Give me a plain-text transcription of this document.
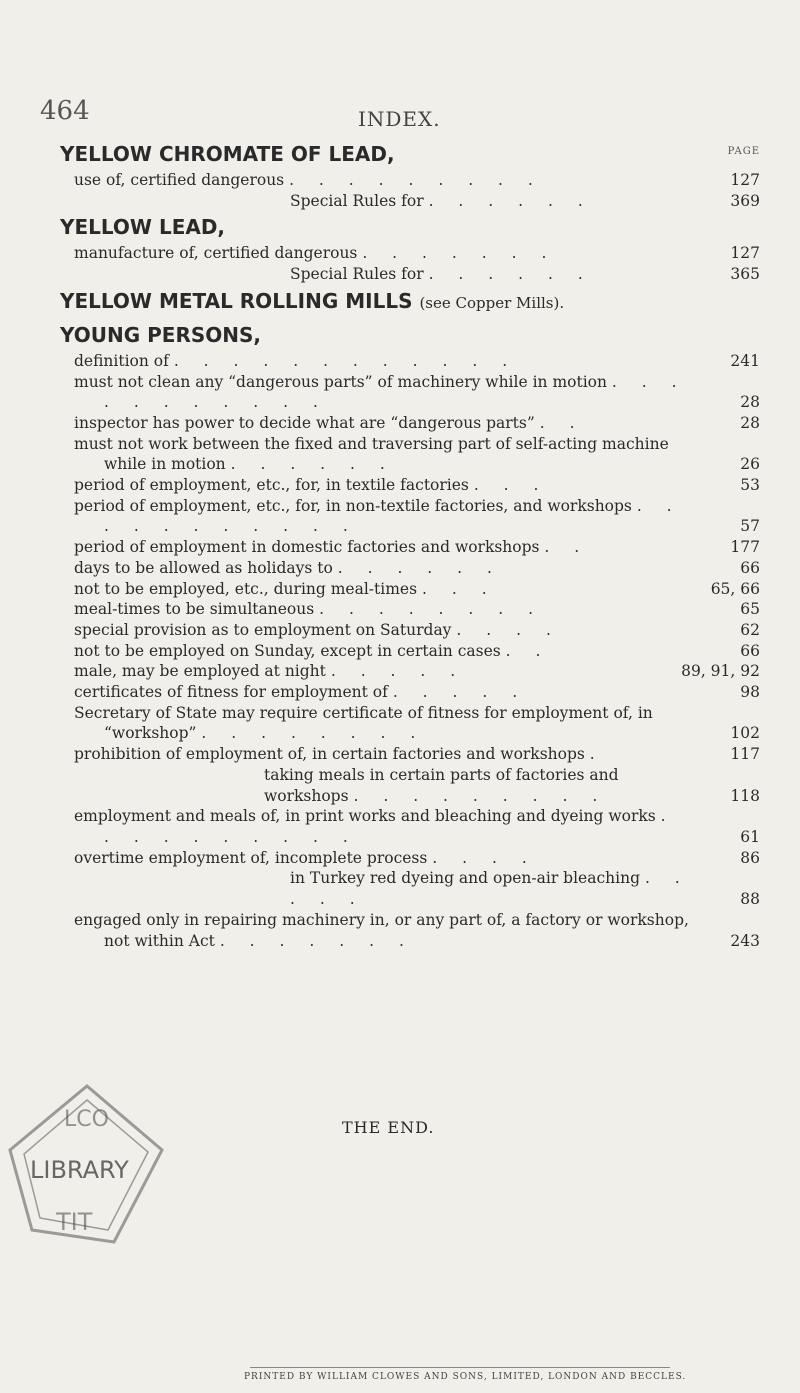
464	INDEX.
PAGE
YELLOW CHROMATE OF LEAD,
use of, certified dangerous . . . . . . . . .	127
Special Rules for . . . . . .	369
YELLOW LEAD,
manufacture of, certified dangerous . . . . . . .	127
Special Rules for . . . . . .	365
YELLOW METAL ROLLING MILLS (see Copper Mills).
YOUNG PERSONS,
definition of . . . . . . . . . . . .	241
must not clean any “dangerous parts” of machinery while in motion . . . . . . . . . . .	28
inspector has power to decide what are “dangerous parts” . .	28
must not work between the fixed and traversing part of self-acting machine while in motion . . . . . .	26
period of employment, etc., for, in textile factories . . .	53
period of employment, etc., for, in non-textile factories, and workshops . . . . . . . . . . .	57
period of employment in domestic factories and workshops . .	177
days to be allowed as holidays to . . . . . .	66
not to be employed, etc., during meal-times . . .	65, 66
meal-times to be simultaneous . . . . . . . .	65
special provision as to employment on Saturday . . . .	62
not to be employed on Sunday, except in certain cases . .	66
male, may be employed at night . . . . .	89, 91, 92
certificates of fitness for employment of . . . . .	98
Secretary of State may require certificate of fitness for employment of, in “workshop” . . . . . . . .	102
prohibition of employment of, in certain factories and workshops .	117
taking meals in certain parts of factories and workshops . . . . . . . . .	118
employment and meals of, in print works and bleaching and dyeing works . . . . . . . . . .	61
overtime employment of, incomplete process . . . .	86
in Turkey red dyeing and open-air bleaching . . . . .	88
engaged only in repairing machinery in, or any part of, a factory or workshop, not within Act . . . . . . .	243
THE END.
LCO
LIBRARY
TIT
PRINTED BY WILLIAM CLOWES AND SONS, LIMITED, LONDON AND BECCLES.
